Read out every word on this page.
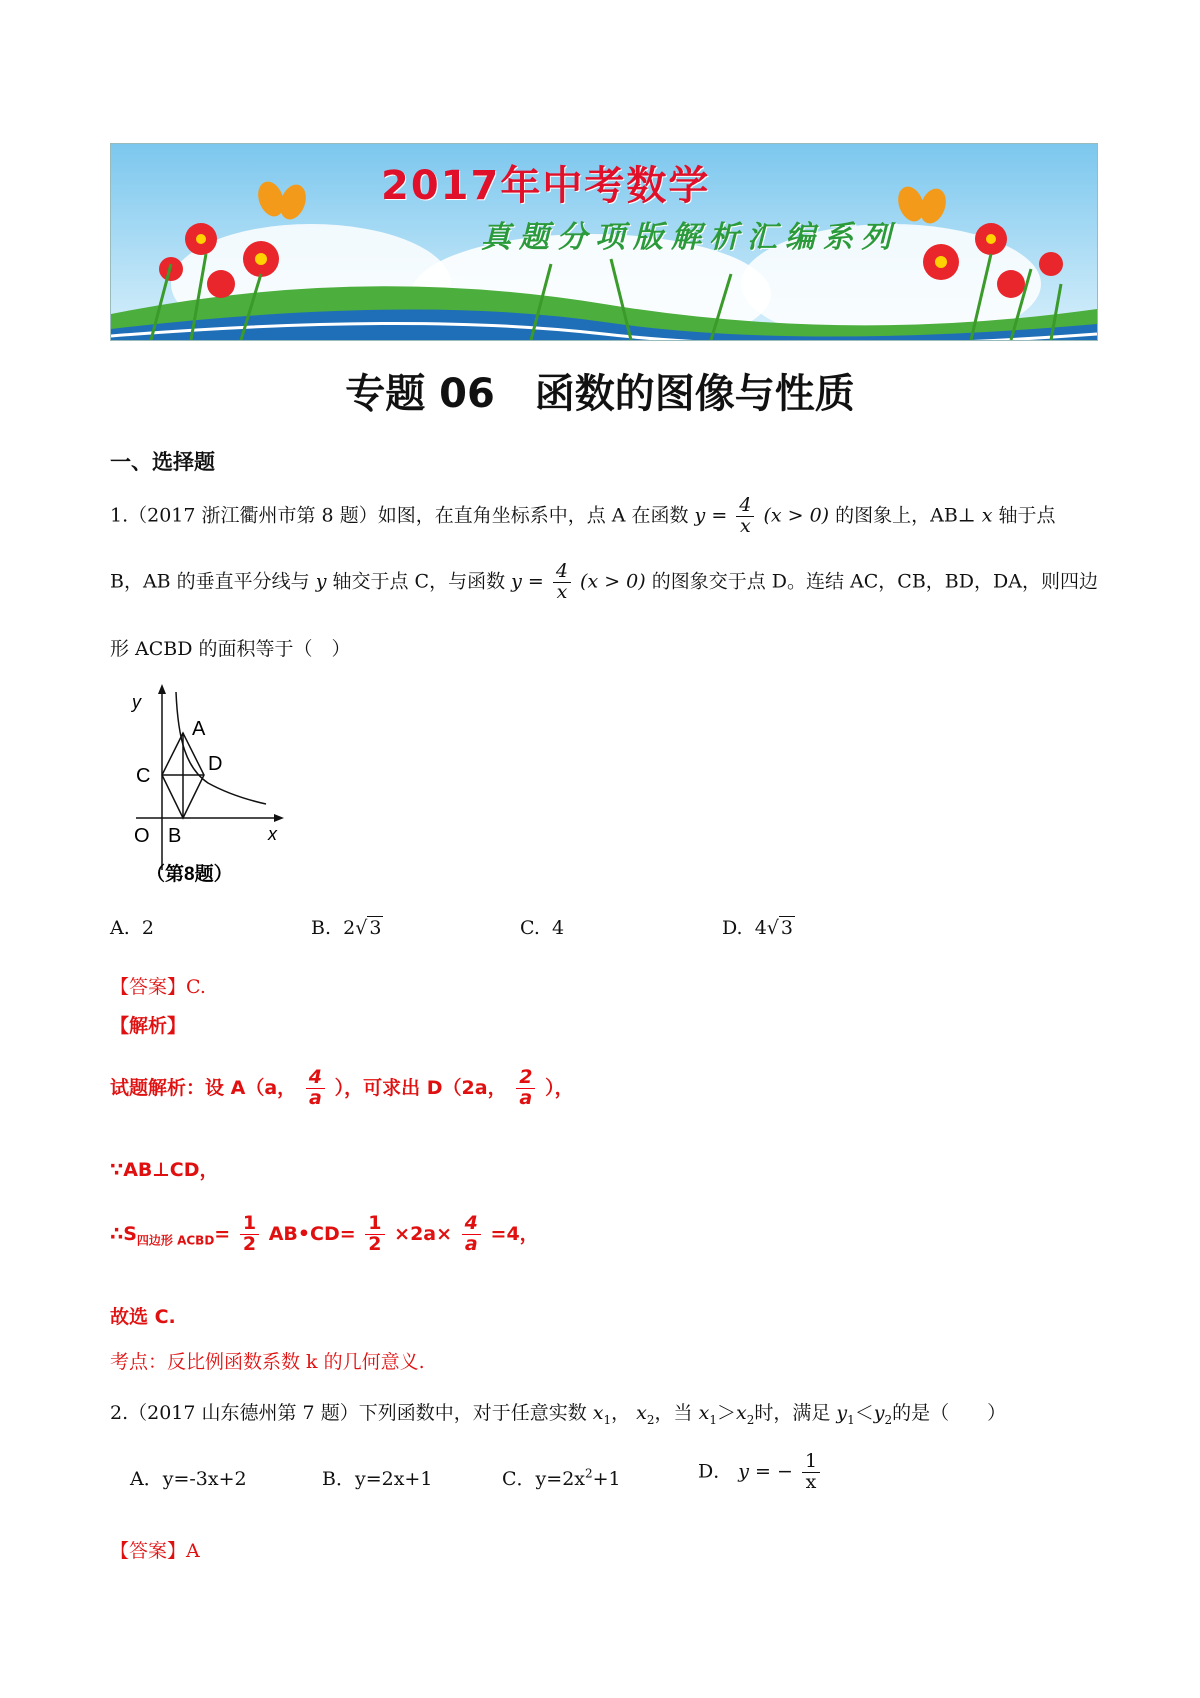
2017年中考数学
真题分项版解析汇编系列
专题 06　函数的图像与性质
一、选择题
1.（2017 浙江衢州市第 8 题）如图，在直角坐标系中，点 A 在函数 $y = \frac{4}{x} (x > 0)$ 的图象上，AB⊥ x 轴于点
B，AB 的垂直平分线与 y 轴交于点 C，与函数 $y = \frac{4}{x} (x > 0)$ 的图象交于点 D。连结 AC，CB，BD，DA，则四边
形 ACBD 的面积等于（　）
y
x
A
C
D
O B
（第8题）
A. 2	B. 2√ 3	C. 4	D. 4√ 3
【答案】C.
【解析】
试题解析：设 A（a， $\frac{4}{a}$ ），可求出 D（2a， $\frac{2}{a}$ ），
∵AB⊥CD，
$\therefore S_{四边形 ACBD}= \frac{1}{2}$ AB•CD= $\frac{1}{2} \times 2a\times \frac{4}{a} =4$，
故选 C.
考点：反比例函数系数 k 的几何意义.
2.（2017 山东德州第 7 题）下列函数中，对于任意实数 $x_1$， $x_2$，当 $x_1>x_2$时，满足 $y_1<y_2$的是（　　）
A．y=-3x+2	B．y=2x+1	C．$y=2x^2+1$	D． y = − $\frac{1}{x}$
【答案】A
